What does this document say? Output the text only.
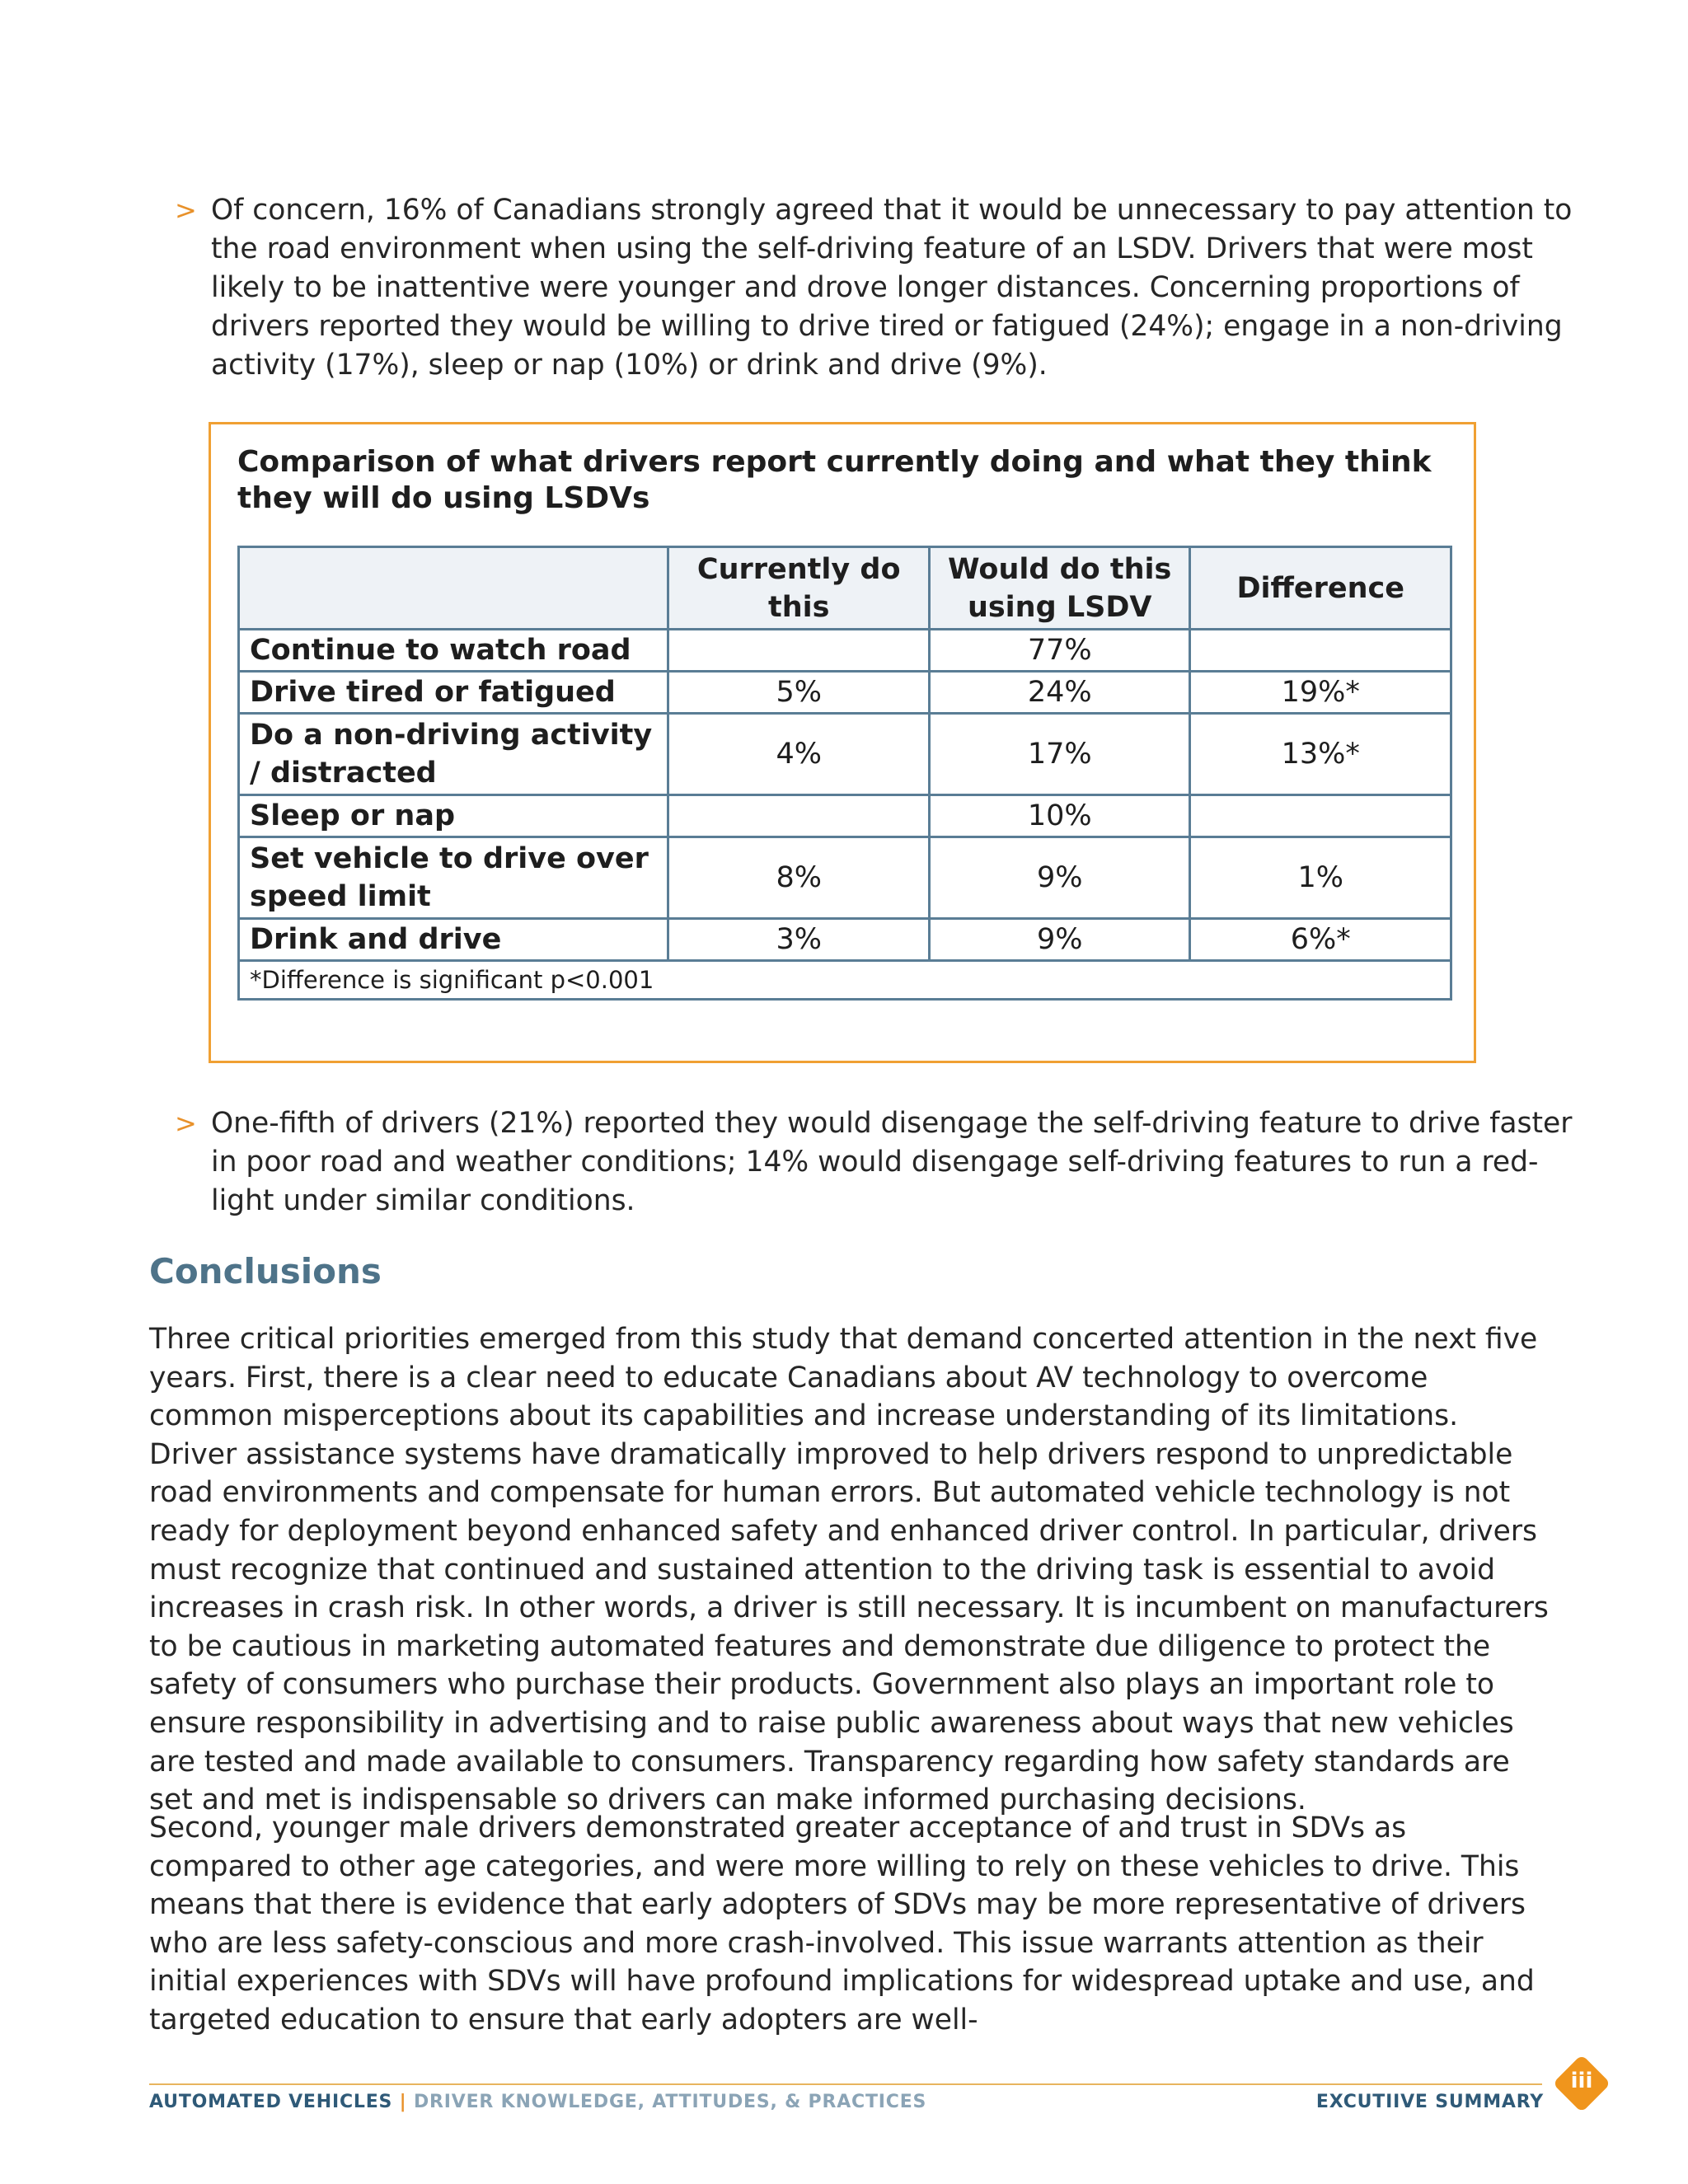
> Of concern, 16% of Canadians strongly agreed that it would be unnecessary to pay attention to the road environment when using the self-driving feature of an LSDV. Drivers that were most likely to be inattentive were younger and drove longer distances. Concerning proportions of drivers reported they would be willing to drive tired or fatigued (24%); engage in a non-driving activity (17%), sleep or nap (10%) or drink and drive (9%).
Comparison of what drivers report currently doing and what they think they will do using LSDVs
	Currently do this	Would do this using LSDV	Difference
Continue to watch road		77%	
Drive tired or fatigued	5%	24%	19%*
Do a non-driving activity / distracted	4%	17%	13%*
Sleep or nap		10%	
Set vehicle to drive over speed limit	8%	9%	1%
Drink and drive	3%	9%	6%*
*Difference is significant p<0.001			
> One-fifth of drivers (21%) reported they would disengage the self-driving feature to drive faster in poor road and weather conditions; 14% would disengage self-driving features to run a red-light under similar conditions.
Conclusions
Three critical priorities emerged from this study that demand concerted attention in the next five years. First, there is a clear need to educate Canadians about AV technology to overcome common misperceptions about its capabilities and increase understanding of its limitations. Driver assistance systems have dramatically improved to help drivers respond to unpredictable road environments and compensate for human errors. But automated vehicle technology is not ready for deployment beyond enhanced safety and enhanced driver control. In particular, drivers must recognize that continued and sustained attention to the driving task is essential to avoid increases in crash risk. In other words, a driver is still necessary. It is incumbent on manufacturers to be cautious in marketing automated features and demonstrate due diligence to protect the safety of consumers who purchase their products. Government also plays an important role to ensure responsibility in advertising and to raise public awareness about ways that new vehicles are tested and made available to consumers. Transparency regarding how safety standards are set and met is indispensable so drivers can make informed purchasing decisions.
Second, younger male drivers demonstrated greater acceptance of and trust in SDVs as compared to other age categories, and were more willing to rely on these vehicles to drive. This means that there is evidence that early adopters of SDVs may be more representative of drivers who are less safety-conscious and more crash-involved. This issue warrants attention as their initial experiences with SDVs will have profound implications for widespread uptake and use, and targeted education to ensure that early adopters are well-
AUTOMATED VEHICLES | DRIVER KNOWLEDGE, ATTITUDES, & PRACTICES	EXCUTIIVE SUMMARY
iii
